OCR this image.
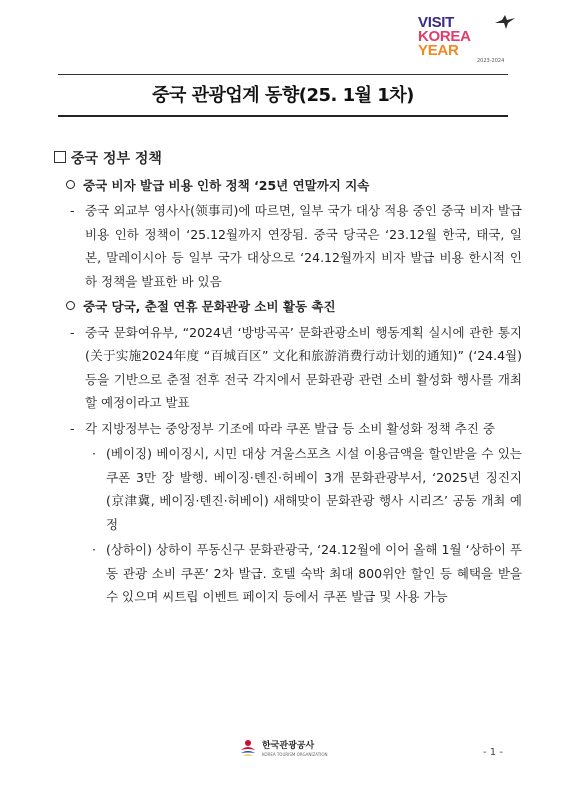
VISIT
KOREA
YEAR
2023-2024
중국 관광업계 동향(25. 1월 1차)
중국 정부 정책
중국 비자 발급 비용 인하 정책 ‘25년 연말까지 지속
- 중국 외교부 영사사(领事司)에 따르면, 일부 국가 대상 적용 중인 중국 비자 발급 비용 인하 정책이 ‘25.12월까지 연장됨. 중국 당국은 ‘23.12월 한국, 태국, 일본, 말레이시아 등 일부 국가 대상으로 ‘24.12월까지 비자 발급 비용 한시적 인하 정책을 발표한 바 있음
중국 당국, 춘절 연휴 문화관광 소비 활동 촉진
- 중국 문화여유부, “2024년 ‘방방곡곡’ 문화관광소비 행동계획 실시에 관한 통지(关于实施2024年度 “百城百区” 文化和旅游消费行动计划的通知)” (‘24.4월) 등을 기반으로 춘절 전후 전국 각지에서 문화관광 관련 소비 활성화 행사를 개최할 예정이라고 발표
- 각 지방정부는 중앙정부 기조에 따라 쿠폰 발급 등 소비 활성화 정책 추진 중
· (베이징) 베이징시, 시민 대상 겨울스포츠 시설 이용금액을 할인받을 수 있는 쿠폰 3만 장 발행. 베이징·톈진·허베이 3개 문화관광부서, ‘2025년 징진지(京津冀, 베이징·톈진·허베이) 새해맞이 문화관광 행사 시리즈’ 공동 개최 예정
· (상하이) 상하이 푸동신구 문화관광국, ‘24.12월에 이어 올해 1월 ‘상하이 푸동 관광 소비 쿠폰’ 2차 발급. 호텔 숙박 최대 800위안 할인 등 혜택을 받을 수 있으며 씨트립 이벤트 페이지 등에서 쿠폰 발급 및 사용 가능
한국관광공사
KOREA TOURISM ORGANIZATION	- 1 -
